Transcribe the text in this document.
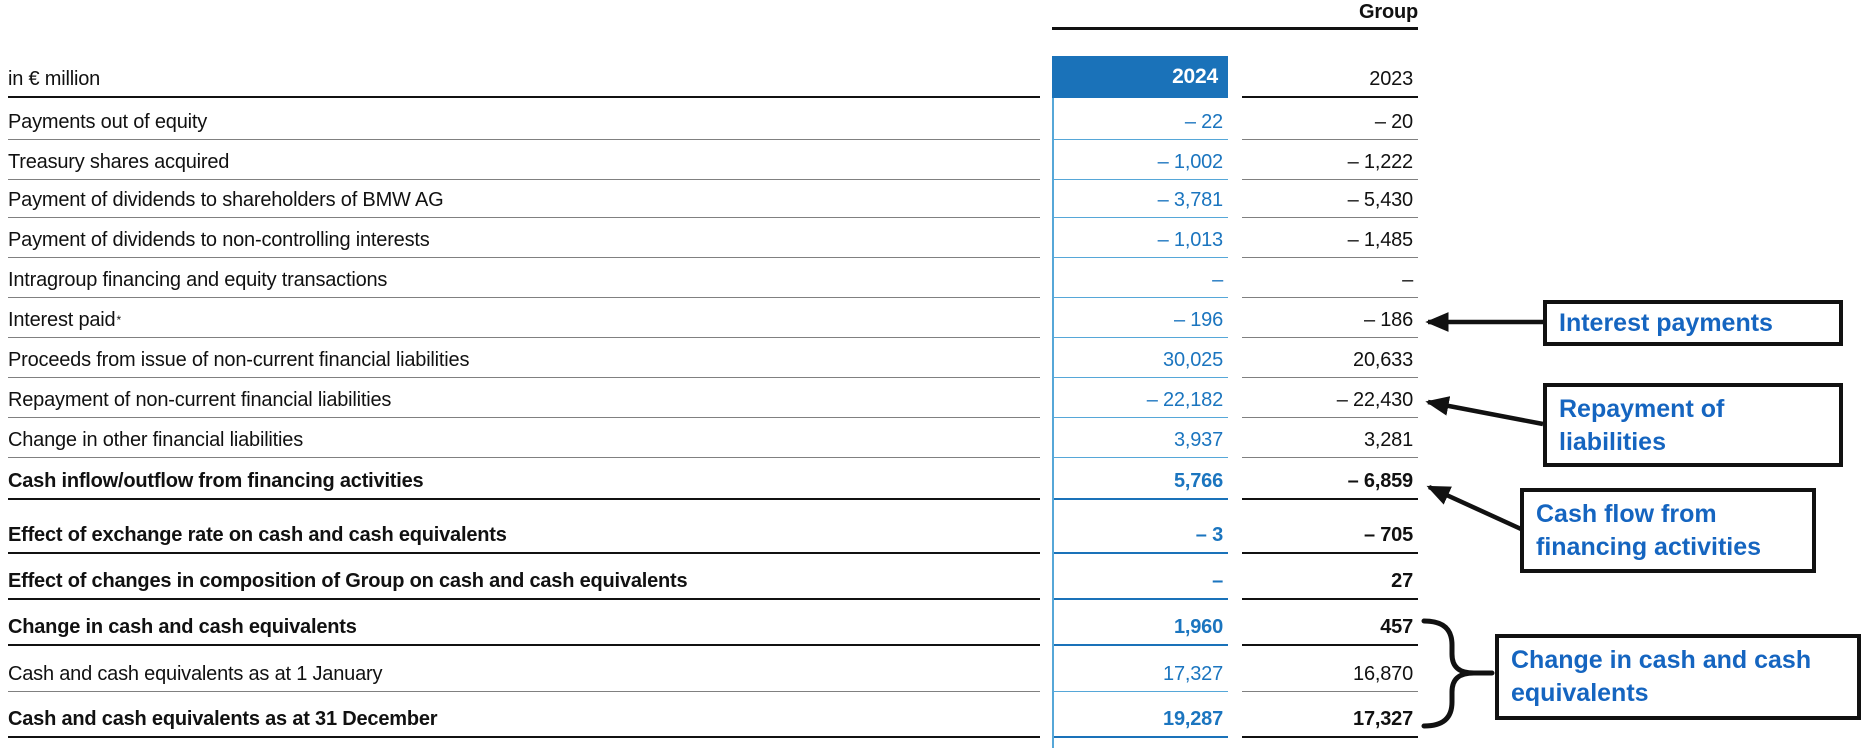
Group
in € million	2024	2023
Payments out of equity	– 22	– 20
Treasury shares acquired	– 1,002	– 1,222
Payment of dividends to shareholders of BMW AG	– 3,781	– 5,430
Payment of dividends to non-controlling interests	– 1,013	– 1,485
Intragroup financing and equity transactions	–	–
Interest paid *	– 196	– 186
Proceeds from issue of non-current financial liabilities	30,025	20,633
Repayment of non-current financial liabilities	– 22,182	– 22,430
Change in other financial liabilities	3,937	3,281
Cash inflow/outflow from financing activities	5,766	– 6,859
Effect of exchange rate on cash and cash equivalents	– 3	– 705
Effect of changes in composition of Group on cash and cash equivalents	–	27
Change in cash and cash equivalents	1,960	457
Cash and cash equivalents as at 1 January	17,327	16,870
Cash and cash equivalents as at 31 December	19,287	17,327
Interest payments
Repayment of liabilities
Cash flow from financing activities
Change in cash and cash equivalents
